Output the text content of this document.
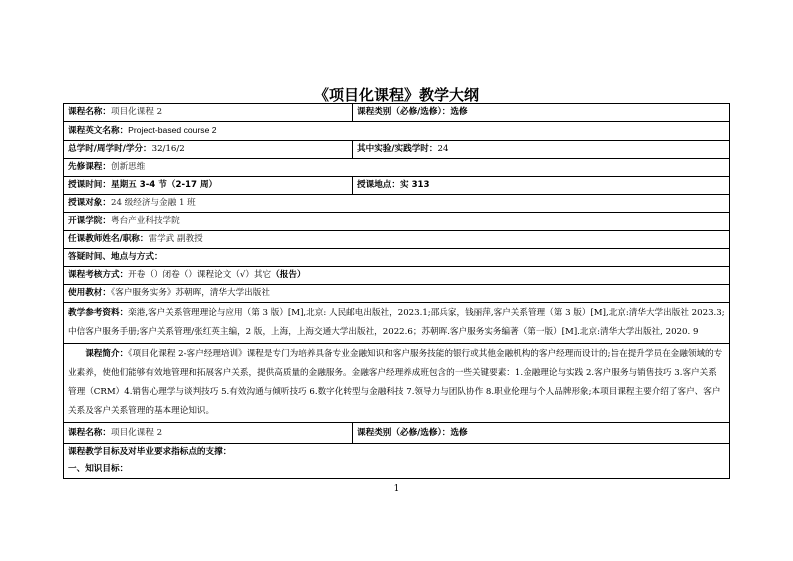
《项目化课程》教学大纲
课程名称：项目化课程 2	课程类别（必修/选修）：选修
课程英文名称：Project-based course 2	
总学时/周学时/学分：32/16/2	其中实验/实践学时：24
先修课程：创新思维	
授课时间：星期五 3-4 节（2-17 周）	授课地点：实 313
授课对象：24 级经济与金融 1 班	
开课学院：粤台产业科技学院	
任课教师姓名/职称：雷学武 副教授	
答疑时间、地点与方式：	
课程考核方式：开卷（）闭卷（）课程论文（√）其它（报告）	
使用教材：《客户服务实务》苏朝晖，清华大学出版社	
教学参考资料：栾港,客户关系管理理论与应用（第 3 版）[M],北京: 人民邮电出版社，2023.1;邵兵家，钱丽萍,客户关系管理（第 3 版）[M],北京:清华大学出版社 2023.3;中信客户服务手册;客户关系管理/张红英主编，2 版，上海，上海交通大学出版社，2022.6；苏朝晖.客户服务实务编著（第一版）[M].北京:清华大学出版社, 2020. 9	
课程简介：《项目化课程 2-客户经理培训》课程是专门为培养具备专业金融知识和客户服务技能的银行或其他金融机构的客户经理而设计的;旨在提升学员在金融领域的专业素养，使他们能够有效地管理和拓展客户关系，提供高质量的金融服务。金融客户经理养成班包含的一些关键要素：1.金融理论与实践 2.客户服务与销售技巧 3.客户关系管理（CRM）4.销售心理学与谈判技巧 5.有效沟通与倾听技巧 6.数字化转型与金融科技 7.领导力与团队协作 8.职业伦理与个人品牌形象;本项目课程主要介绍了客户、客户关系及客户关系管理的基本理论知识。	
课程名称：项目化课程 2	课程类别（必修/选修）：选修
课程教学目标及对毕业要求指标点的支撑：	
一、知识目标：	
1
